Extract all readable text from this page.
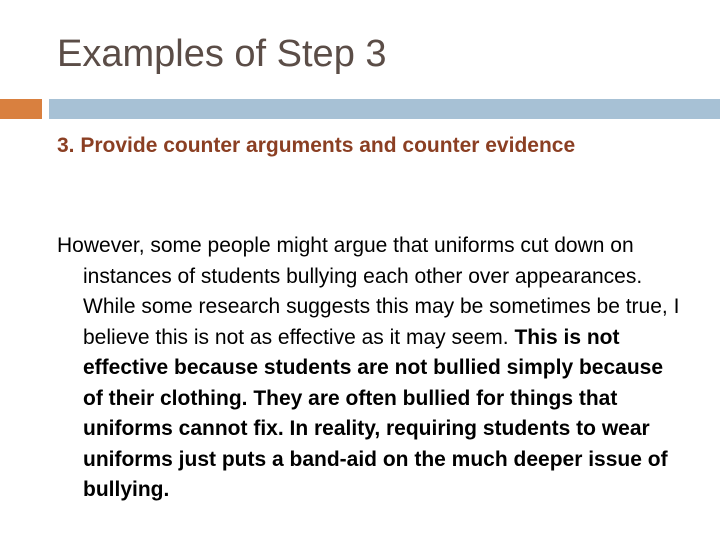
Examples of Step 3
3. Provide counter arguments and counter evidence
However, some people might argue that uniforms cut down on instances of students bullying each other over appearances. While some research suggests this may be sometimes be true, I believe this is not as effective as it may seem. This is not effective because students are not bullied simply because of their clothing. They are often bullied for things that uniforms cannot fix. In reality, requiring students to wear uniforms just puts a band-aid on the much deeper issue of bullying.
